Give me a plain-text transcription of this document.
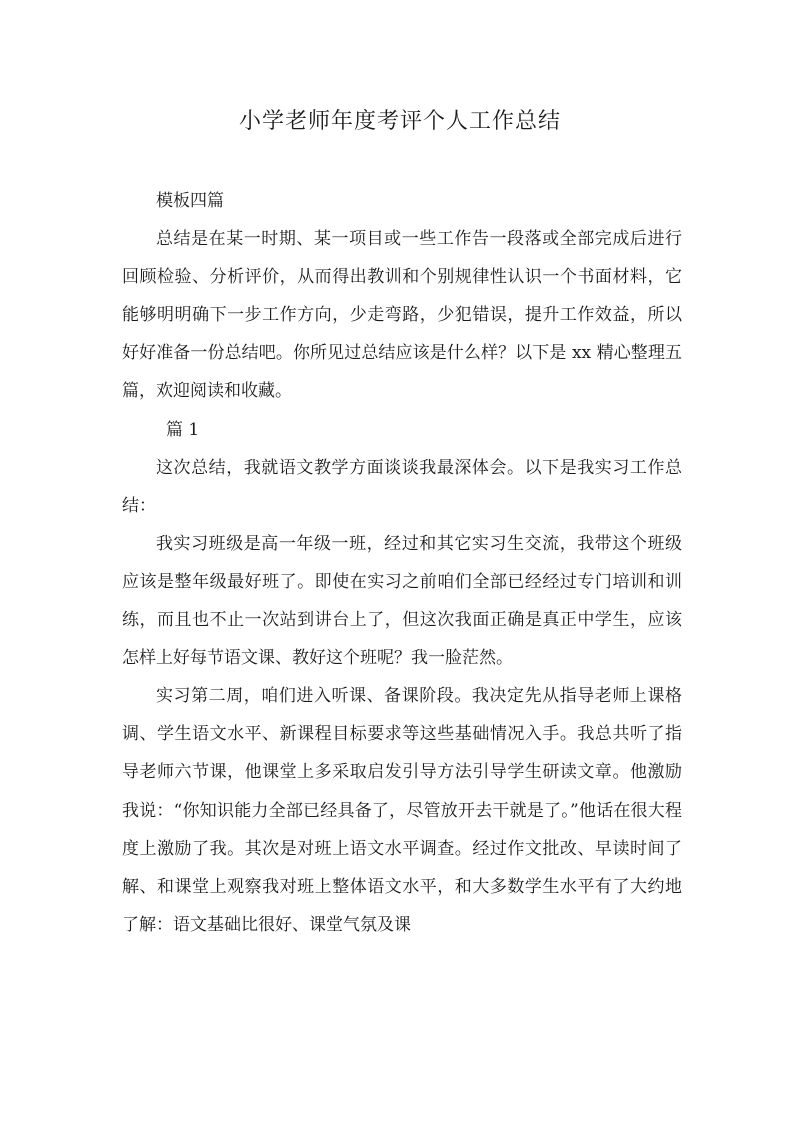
小学老师年度考评个人工作总结

模板四篇

总结是在某一时期、某一项目或一些工作告一段落或全部完成后进行回顾检验、分析评价，从而得出教训和个别规律性认识一个书面材料，它能够明明确下一步工作方向，少走弯路，少犯错误，提升工作效益，所以好好准备一份总结吧。你所见过总结应该是什么样？以下是 xx 精心整理五篇，欢迎阅读和收藏。

篇 1

这次总结，我就语文教学方面谈谈我最深体会。以下是我实习工作总结：

我实习班级是高一年级一班，经过和其它实习生交流，我带这个班级应该是整年级最好班了。即使在实习之前咱们全部已经经过专门培训和训练，而且也不止一次站到讲台上了，但这次我面正确是真正中学生，应该怎样上好每节语文课、教好这个班呢？我一脸茫然。

实习第二周，咱们进入听课、备课阶段。我决定先从指导老师上课格调、学生语文水平、新课程目标要求等这些基础情况入手。我总共听了指导老师六节课，他课堂上多采取启发引导方法引导学生研读文章。他激励我说：“你知识能力全部已经具备了，尽管放开去干就是了。”他话在很大程度上激励了我。其次是对班上语文水平调查。经过作文批改、早读时间了解、和课堂上观察我对班上整体语文水平，和大多数学生水平有了大约地了解：语文基础比很好、课堂气氛及课
